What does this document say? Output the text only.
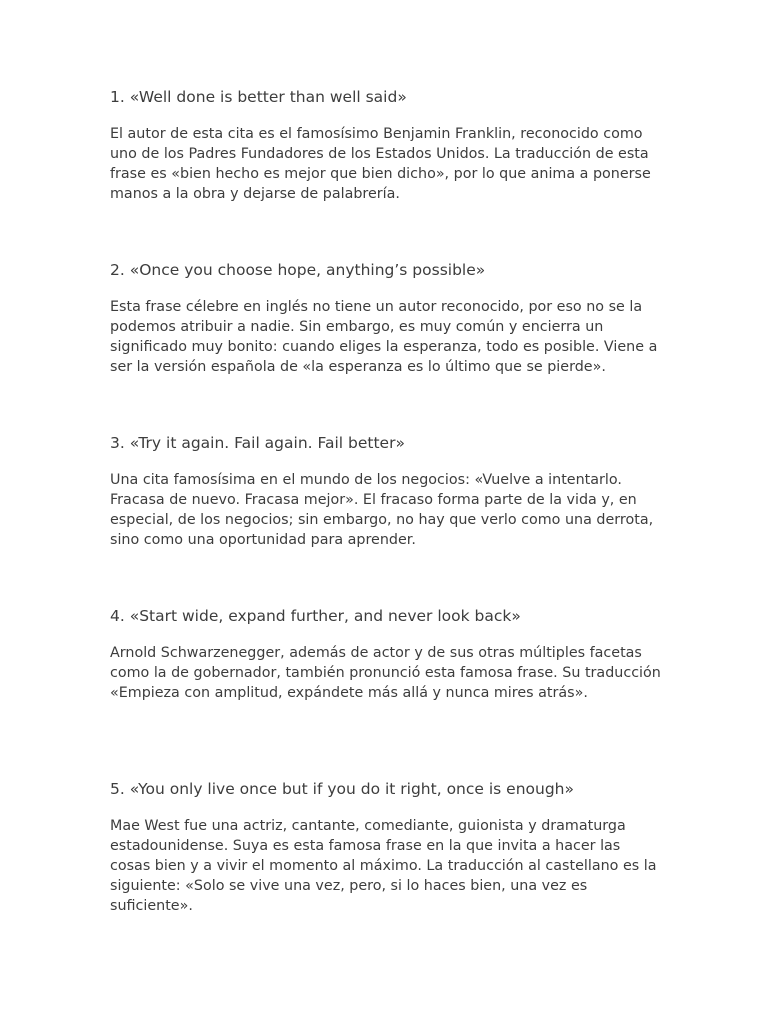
1. «Well done is better than well said»

El autor de esta cita es el famosísimo Benjamin Franklin, reconocido como uno de los Padres Fundadores de los Estados Unidos. La traducción de esta frase es «bien hecho es mejor que bien dicho», por lo que anima a ponerse manos a la obra y dejarse de palabrería.

2. «Once you choose hope, anything’s possible»

Esta frase célebre en inglés no tiene un autor reconocido, por eso no se la podemos atribuir a nadie. Sin embargo, es muy común y encierra un significado muy bonito: cuando eliges la esperanza, todo es posible. Viene a ser la versión española de «la esperanza es lo último que se pierde».

3. «Try it again. Fail again. Fail better»

Una cita famosísima en el mundo de los negocios: «Vuelve a intentarlo. Fracasa de nuevo. Fracasa mejor». El fracaso forma parte de la vida y, en especial, de los negocios; sin embargo, no hay que verlo como una derrota, sino como una oportunidad para aprender.

4. «Start wide, expand further, and never look back»

Arnold Schwarzenegger, además de actor y de sus otras múltiples facetas como la de gobernador, también pronunció esta famosa frase. Su traducción «Empieza con amplitud, expándete más allá y nunca mires atrás».

5. «You only live once but if you do it right, once is enough»

Mae West fue una actriz, cantante, comediante, guionista y dramaturga estadounidense. Suya es esta famosa frase en la que invita a hacer las cosas bien y a vivir el momento al máximo. La traducción al castellano es la siguiente: «Solo se vive una vez, pero, si lo haces bien, una vez es suficiente».
